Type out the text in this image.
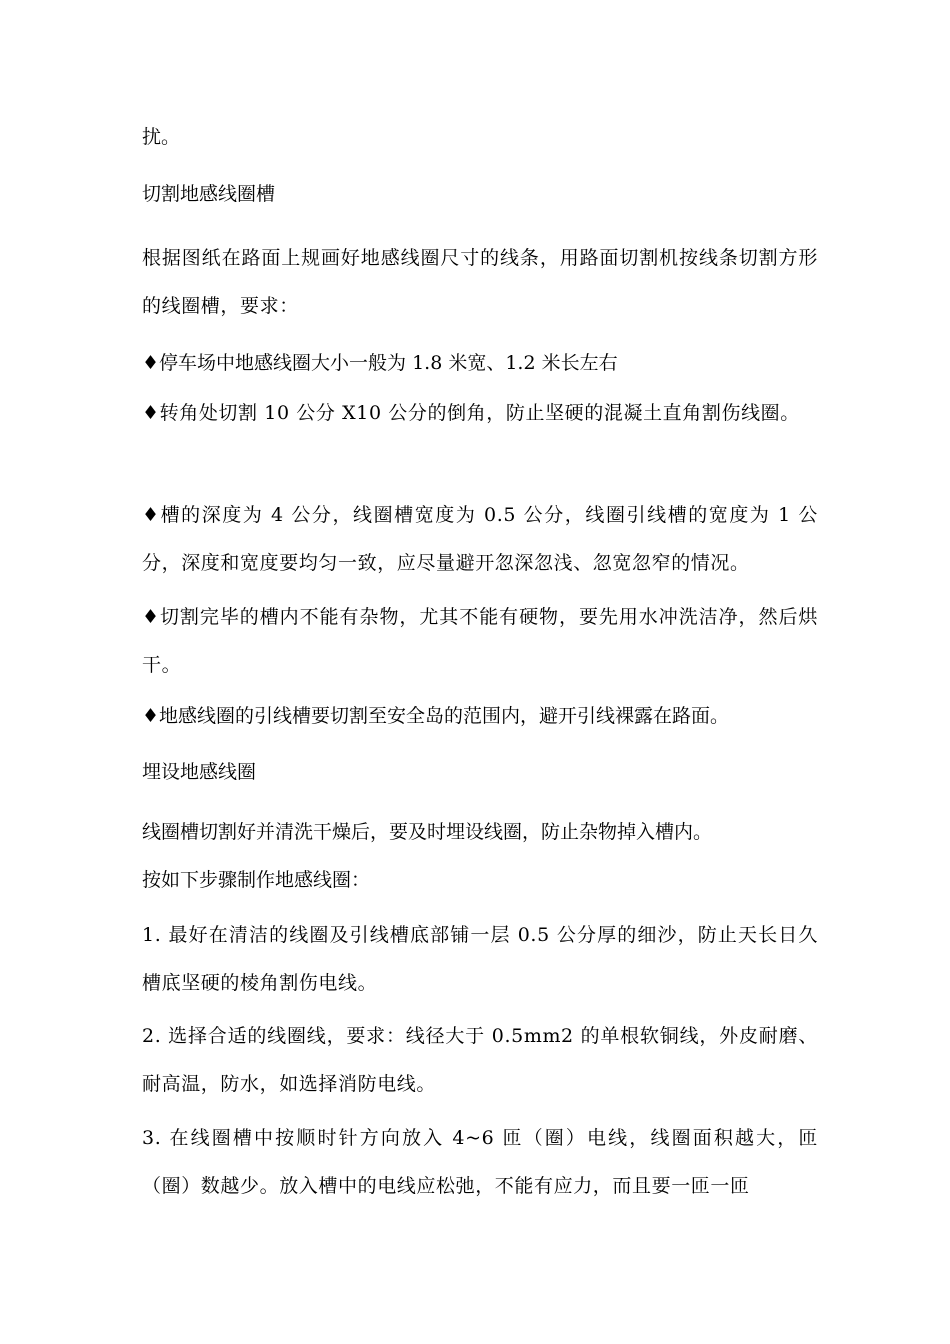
扰。

切割地感线圈槽

根据图纸在路面上规画好地感线圈尺寸的线条，用路面切割机按线条切割方形的线圈槽，要求：

♦停车场中地感线圈大小一般为 1.8 米宽、1.2 米长左右

♦转角处切割 10 公分 X10 公分的倒角，防止坚硬的混凝土直角割伤线圈。

♦槽的深度为 4 公分，线圈槽宽度为 0.5 公分，线圈引线槽的宽度为 1 公分，深度和宽度要均匀一致，应尽量避开忽深忽浅、忽宽忽窄的情况。

♦切割完毕的槽内不能有杂物，尤其不能有硬物，要先用水冲洗洁净，然后烘干。

♦地感线圈的引线槽要切割至安全岛的范围内，避开引线裸露在路面。

埋设地感线圈

线圈槽切割好并清洗干燥后，要及时埋设线圈，防止杂物掉入槽内。

按如下步骤制作地感线圈：

1. 最好在清洁的线圈及引线槽底部铺一层 0.5 公分厚的细沙，防止天长日久槽底坚硬的棱角割伤电线。

2. 选择合适的线圈线，要求：线径大于 0.5mm2 的单根软铜线，外皮耐磨、耐高温，防水，如选择消防电线。

3. 在线圈槽中按顺时针方向放入 4~6 匝（圈）电线，线圈面积越大，匝（圈）数越少。放入槽中的电线应松弛，不能有应力，而且要一匝一匝
